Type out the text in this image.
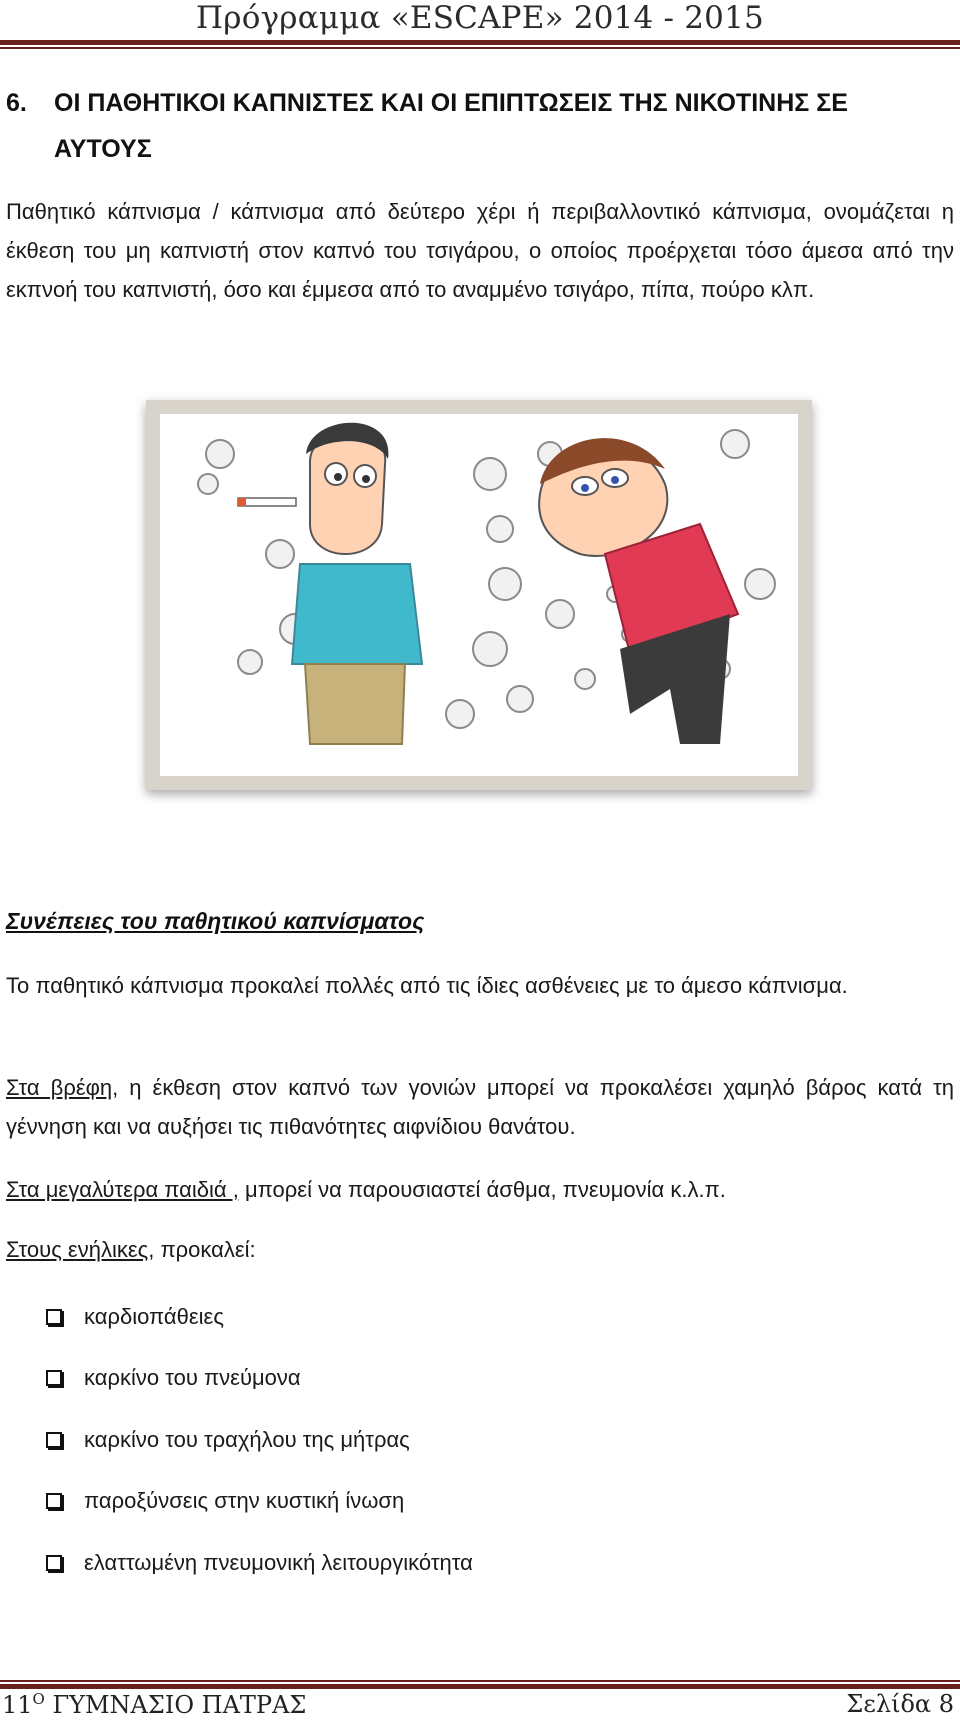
Πρόγραμμα «ESCAPE» 2014 - 2015
6. ΟΙ ΠΑΘΗΤΙΚΟΙ ΚΑΠΝΙΣΤΕΣ ΚΑΙ ΟΙ ΕΠΙΠΤΩΣΕΙΣ ΤΗΣ ΝΙΚΟΤΙΝΗΣ ΣΕ ΑΥΤΟΥΣ
Παθητικό κάπνισμα / κάπνισμα από δεύτερο χέρι ή περιβαλλοντικό κάπνισμα, ονομάζεται η έκθεση του μη καπνιστή στον καπνό του τσιγάρου, ο οποίος προέρχεται τόσο άμεσα από την εκπνοή του καπνιστή, όσο και έμμεσα από το αναμμένο τσιγάρο, πίπα, πούρο κλπ.
Συνέπειες του παθητικού καπνίσματος
Το παθητικό κάπνισμα προκαλεί πολλές από τις ίδιες ασθένειες με το άμεσο κάπνισμα.
Στα βρέφη, η έκθεση στον καπνό των γονιών μπορεί να προκαλέσει χαμηλό βάρος κατά τη γέννηση και να αυξήσει τις πιθανότητες αιφνίδιου θανάτου.
Στα μεγαλύτερα παιδιά , μπορεί να παρουσιαστεί άσθμα, πνευμονία κ.λ.π.
Στους ενήλικες, προκαλεί:
καρδιοπάθειες
καρκίνο του πνεύμονα
καρκίνο του τραχήλου της μήτρας
παροξύνσεις στην κυστική ίνωση
ελαττωμένη πνευμονική λειτουργικότητα
$11^O$ ΓΥΜΝΑΣΙΟ ΠΑΤΡΑΣ	Σελίδα 8
